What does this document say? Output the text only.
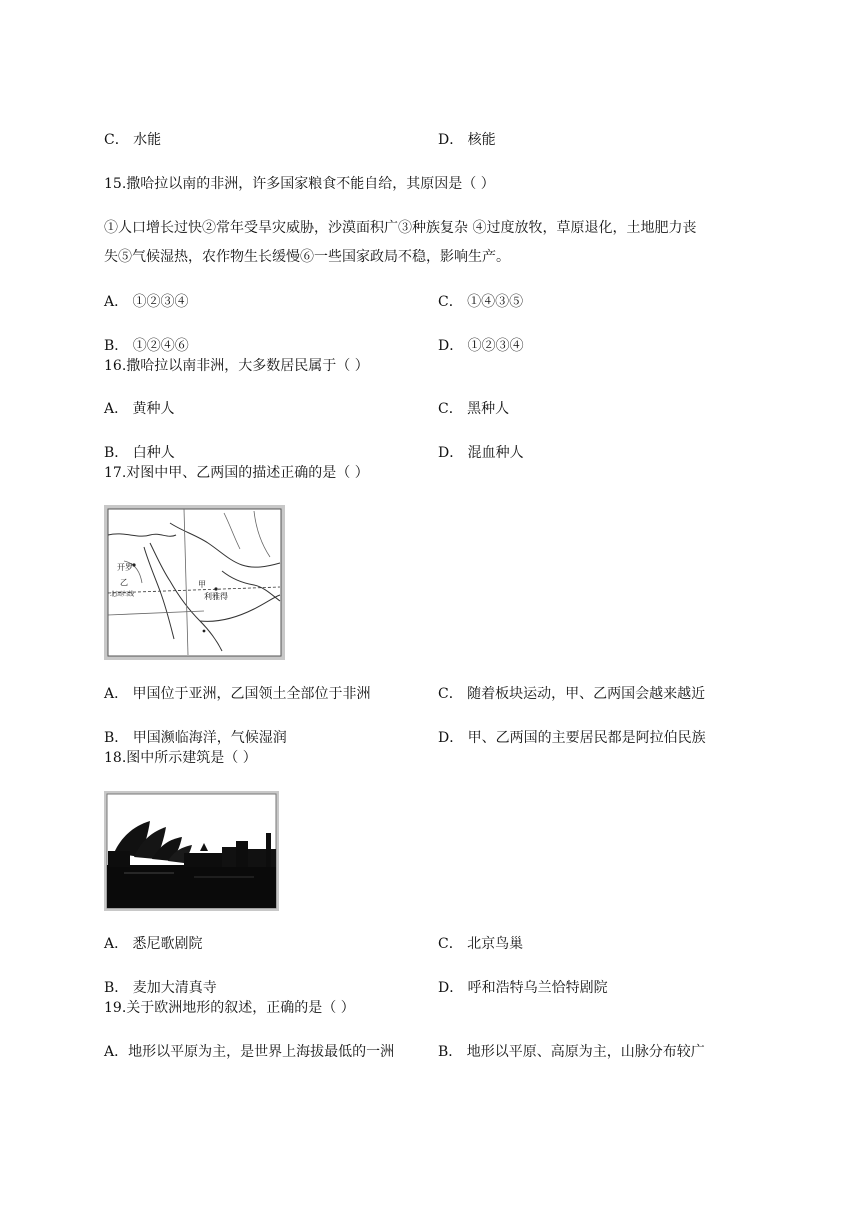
C． 水能	D． 核能
15.撒哈拉以南的非洲，许多国家粮食不能自给，其原因是（ ）
①人口增长过快②常年受旱灾威胁，沙漠面积广③种族复杂 ④过度放牧，草原退化，土地肥力丧
失⑤气候湿热，农作物生长缓慢⑥一些国家政局不稳，影响生产。
A． ①②③④	C． ①④③⑤
B． ①②④⑥	D． ①②③④
16.撒哈拉以南非洲，大多数居民属于（ ）
A． 黄种人	C． 黑种人
B． 白种人	D． 混血种人
17.对图中甲、乙两国的描述正确的是（ ）
开罗
乙
北回归线
甲
利雅得
A． 甲国位于亚洲，乙国领土全部位于非洲	C． 随着板块运动，甲、乙两国会越来越近
B． 甲国濒临海洋，气候湿润	D． 甲、乙两国的主要居民都是阿拉伯民族
18.图中所示建筑是（ ）
A． 悉尼歌剧院	C． 北京鸟巢
B． 麦加大清真寺	D． 呼和浩特乌兰恰特剧院
19.关于欧洲地形的叙述，正确的是（ ）
A．地形以平原为主，是世界上海拔最低的一洲	B． 地形以平原、高原为主，山脉分布较广
